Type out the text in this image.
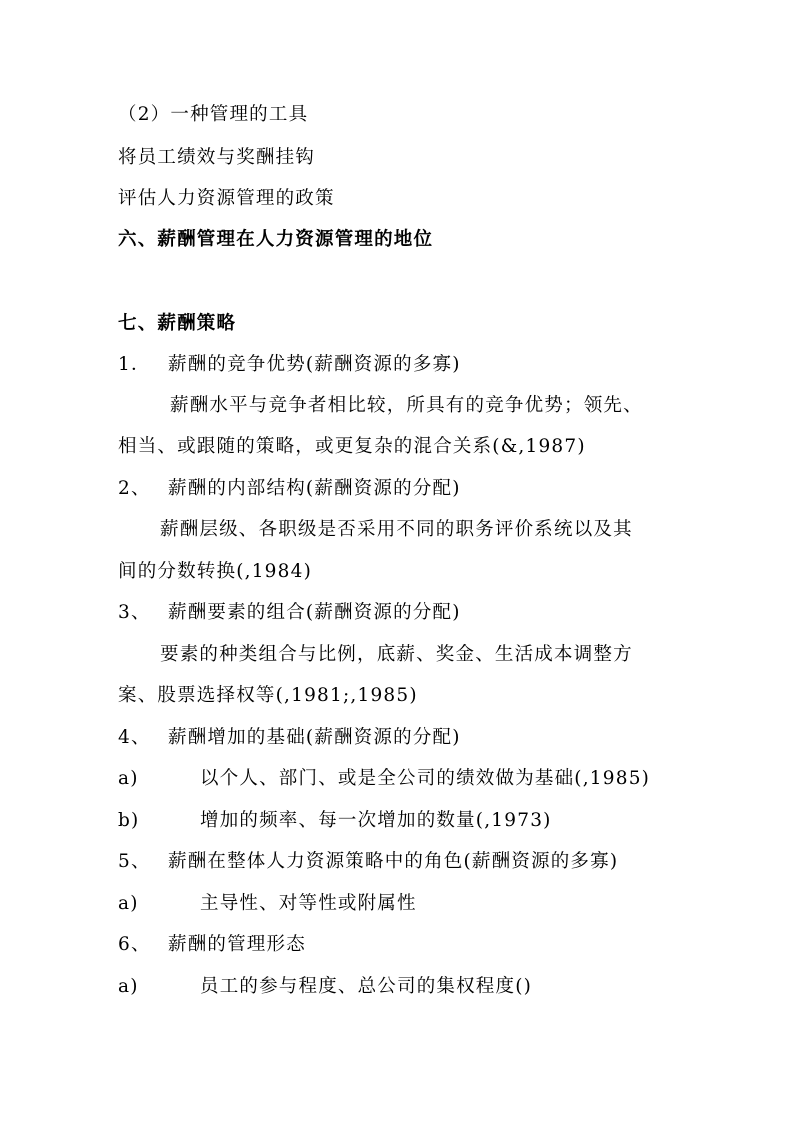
（2）一种管理的工具
将员工绩效与奖酬挂钩
评估人力资源管理的政策
六、薪酬管理在人力资源管理的地位
七、薪酬策略
1． 薪酬的竞争优势(薪酬资源的多寡)
薪酬水平与竞争者相比较，所具有的竞争优势；领先、
相当、或跟随的策略，或更复杂的混合关系(&,1987)
2、 薪酬的内部结构(薪酬资源的分配)
薪酬层级、各职级是否采用不同的职务评价系统以及其
间的分数转换(,1984)
3、 薪酬要素的组合(薪酬资源的分配)
要素的种类组合与比例，底薪、奖金、生活成本调整方
案、股票选择权等(,1981;,1985)
4、 薪酬增加的基础(薪酬资源的分配)
a)	以个人、部门、或是全公司的绩效做为基础(,1985)
b)	增加的频率、每一次增加的数量(,1973)
5、 薪酬在整体人力资源策略中的角色(薪酬资源的多寡)
a)	主导性、对等性或附属性
6、 薪酬的管理形态
a)	员工的参与程度、总公司的集权程度()
